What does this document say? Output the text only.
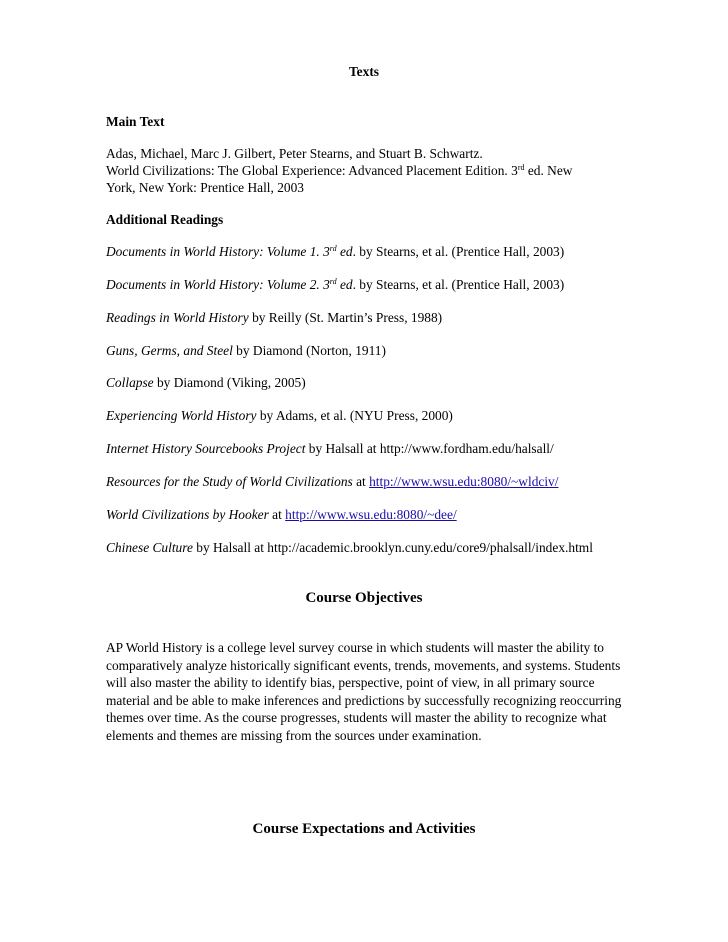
Texts
Main Text
Adas, Michael, Marc J. Gilbert, Peter Stearns, and Stuart B. Schwartz.
World Civilizations: The Global Experience: Advanced Placement Edition. 3rd ed. New
York, New York: Prentice Hall, 2003
Additional Readings
Documents in World History: Volume 1. 3rd ed. by Stearns, et al. (Prentice Hall, 2003)
Documents in World History: Volume 2. 3rd ed. by Stearns, et al. (Prentice Hall, 2003)
Readings in World History by Reilly (St. Martin’s Press, 1988)
Guns, Germs, and Steel by Diamond (Norton, 1911)
Collapse by Diamond (Viking, 2005)
Experiencing World History by Adams, et al. (NYU Press, 2000)
Internet History Sourcebooks Project by Halsall at http://www.fordham.edu/halsall/
Resources for the Study of World Civilizations at http://www.wsu.edu:8080/~wldciv/
World Civilizations by Hooker at http://www.wsu.edu:8080/~dee/
Chinese Culture by Halsall at http://academic.brooklyn.cuny.edu/core9/phalsall/index.html
Course Objectives
AP World History is a college level survey course in which students will master the ability to comparatively analyze historically significant events, trends, movements, and systems. Students will also master the ability to identify bias, perspective, point of view, in all primary source material and be able to make inferences and predictions by successfully recognizing reoccurring themes over time. As the course progresses, students will master the ability to recognize what elements and themes are missing from the sources under examination.
Course Expectations and Activities
